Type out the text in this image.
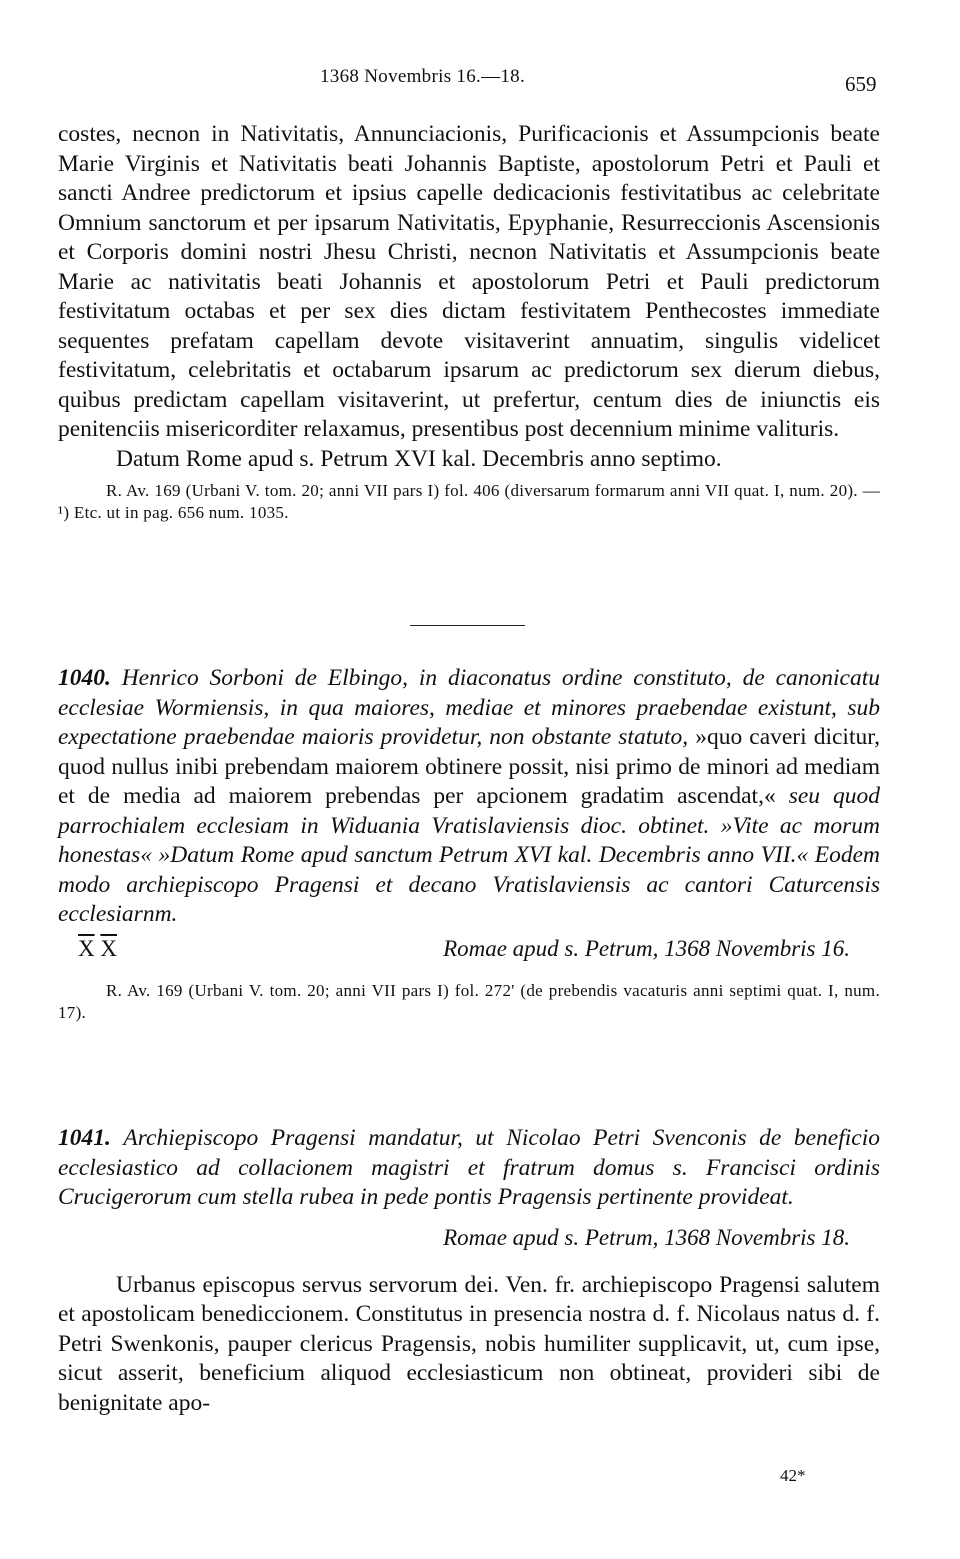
1368 Novembris 16.—18.	659

costes, necnon in Nativitatis, Annunciacionis, Purificacionis et Assumpcionis beate Marie Virginis et Nativitatis beati Johannis Baptiste, apostolorum Petri et Pauli et sancti Andree predictorum et ipsius capelle dedicacionis festivitatibus ac celebritate Omnium sanctorum et per ipsarum Nativitatis, Epyphanie, Resurreccionis Ascensionis et Corporis domini nostri Jhesu Christi, necnon Nativitatis et Assumpcionis beate Marie ac nativitatis beati Johannis et apostolorum Petri et Pauli predictorum festivitatum octabas et per sex dies dictam festivitatem Penthecostes immediate sequentes prefatam capellam devote visitaverint annuatim, singulis videlicet festivitatum, celebritatis et octabarum ipsarum ac predictorum sex dierum diebus, quibus predictam capellam visitaverint, ut prefertur, centum dies de iniunctis eis penitenciis misericorditer relaxamus, presentibus post decennium minime valituris.

Datum Rome apud s. Petrum XVI kal. Decembris anno septimo.

R. Av. 169 (Urbani V. tom. 20; anni VII pars I) fol. 406 (diversarum formarum anni VII quat. I, num. 20). — ¹) Etc. ut in pag. 656 num. 1035.

1040. Henrico Sorboni de Elbingo, in diaconatus ordine constituto, de canonicatu ecclesiae Wormiensis, in qua maiores, mediae et minores praebendae existunt, sub expectatione praebendae maioris providetur, non obstante statuto, »quo caveri dicitur, quod nullus inibi prebendam maiorem obtinere possit, nisi primo de minori ad mediam et de media ad maiorem prebendas per apcionem gradatim ascendat,« seu quod parrochialem ecclesiam in Widuania Vratislaviensis dioc. obtinet. »Vite ac morum honestas« »Datum Rome apud sanctum Petrum XVI kal. Decembris anno VII.« Eodem modo archiepiscopo Pragensi et decano Vratislaviensis ac cantori Caturcensis ecclesiarnm.

$\overline{X}$ $\overline{X}$	Romae apud s. Petrum, 1368 Novembris 16.

R. Av. 169 (Urbani V. tom. 20; anni VII pars I) fol. 272' (de prebendis vacaturis anni septimi quat. I, num. 17).

1041. Archiepiscopo Pragensi mandatur, ut Nicolao Petri Svenconis de beneficio ecclesiastico ad collacionem magistri et fratrum domus s. Francisci ordinis Crucigerorum cum stella rubea in pede pontis Pragensis pertinente provideat.

Romae apud s. Petrum, 1368 Novembris 18.

Urbanus episcopus servus servorum dei. Ven. fr. archiepiscopo Pragensi salutem et apostolicam benediccionem. Constitutus in presencia nostra d. f. Nicolaus natus d. f. Petri Swenkonis, pauper clericus Pragensis, nobis humiliter supplicavit, ut, cum ipse, sicut asserit, beneficium aliquod ecclesiasticum non obtineat, provideri sibi de benignitate apo-

42*
